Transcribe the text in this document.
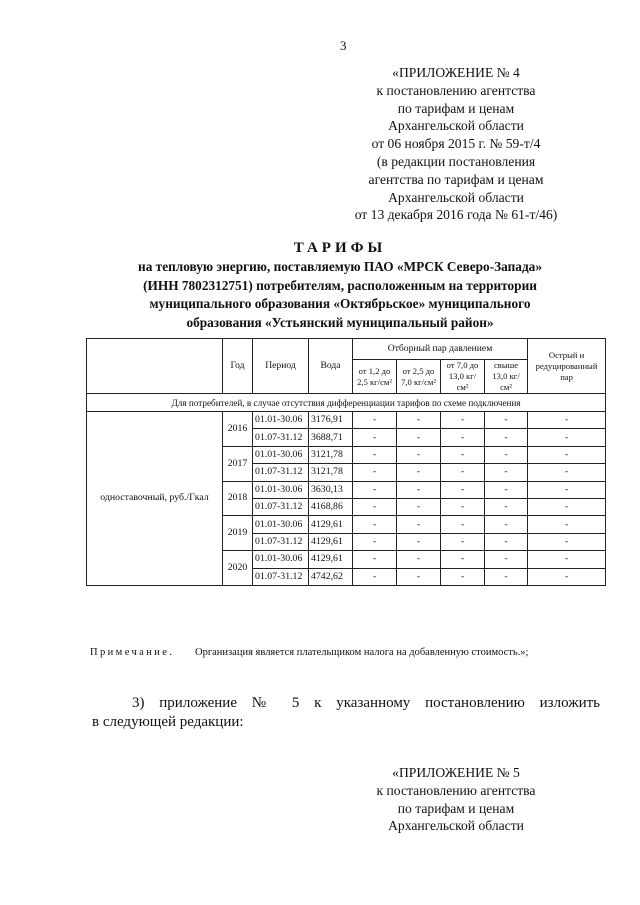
3
«ПРИЛОЖЕНИЕ № 4
к постановлению агентства
по тарифам и ценам
Архангельской области
от 06 ноября 2015 г. № 59-т/4
(в редакции постановления
агентства по тарифам и ценам
Архангельской области
от 13 декабря 2016 года № 61-т/46)
ТАРИФЫ
на тепловую энергию, поставляемую ПАО «МРСК Северо-Запада»
(ИНН 7802312751) потребителям, расположенным на территории
муниципального образования «Октябрьское» муниципального
образования «Устьянский муниципальный район»
	Год	Период	Вода	Отборный пар давлением				Острый и редуцированный пар
				от 1,2 до 2,5 кг/см²	от 2,5 до 7,0 кг/см²	от 7,0 до 13,0 кг/см²	свыше 13,0 кг/см²	
Для потребителей, в случае отсутствия дифференциации тарифов по схеме подключения								
одноставочный, руб./Гкал	2016	01.01-30.06	3176,91	-	-	-	-	-
		01.07-31.12	3688,71	-	-	-	-	-
	2017	01.01-30.06	3121,78	-	-	-	-	-
		01.07-31.12	3121,78	-	-	-	-	-
	2018	01.01-30.06	3630,13	-	-	-	-	-
		01.07-31.12	4168,86	-	-	-	-	-
	2019	01.01-30.06	4129,61	-	-	-	-	-
		01.07-31.12	4129,61	-	-	-	-	-
	2020	01.01-30.06	4129,61	-	-	-	-	-
		01.07-31.12	4742,62	-	-	-	-	-
Примечание. Организация является плательщиком налога на добавленную стоимость.»;
3) приложение № 5 к указанному постановлению изложить
в следующей редакции:
«ПРИЛОЖЕНИЕ № 5
к постановлению агентства
по тарифам и ценам
Архангельской области
